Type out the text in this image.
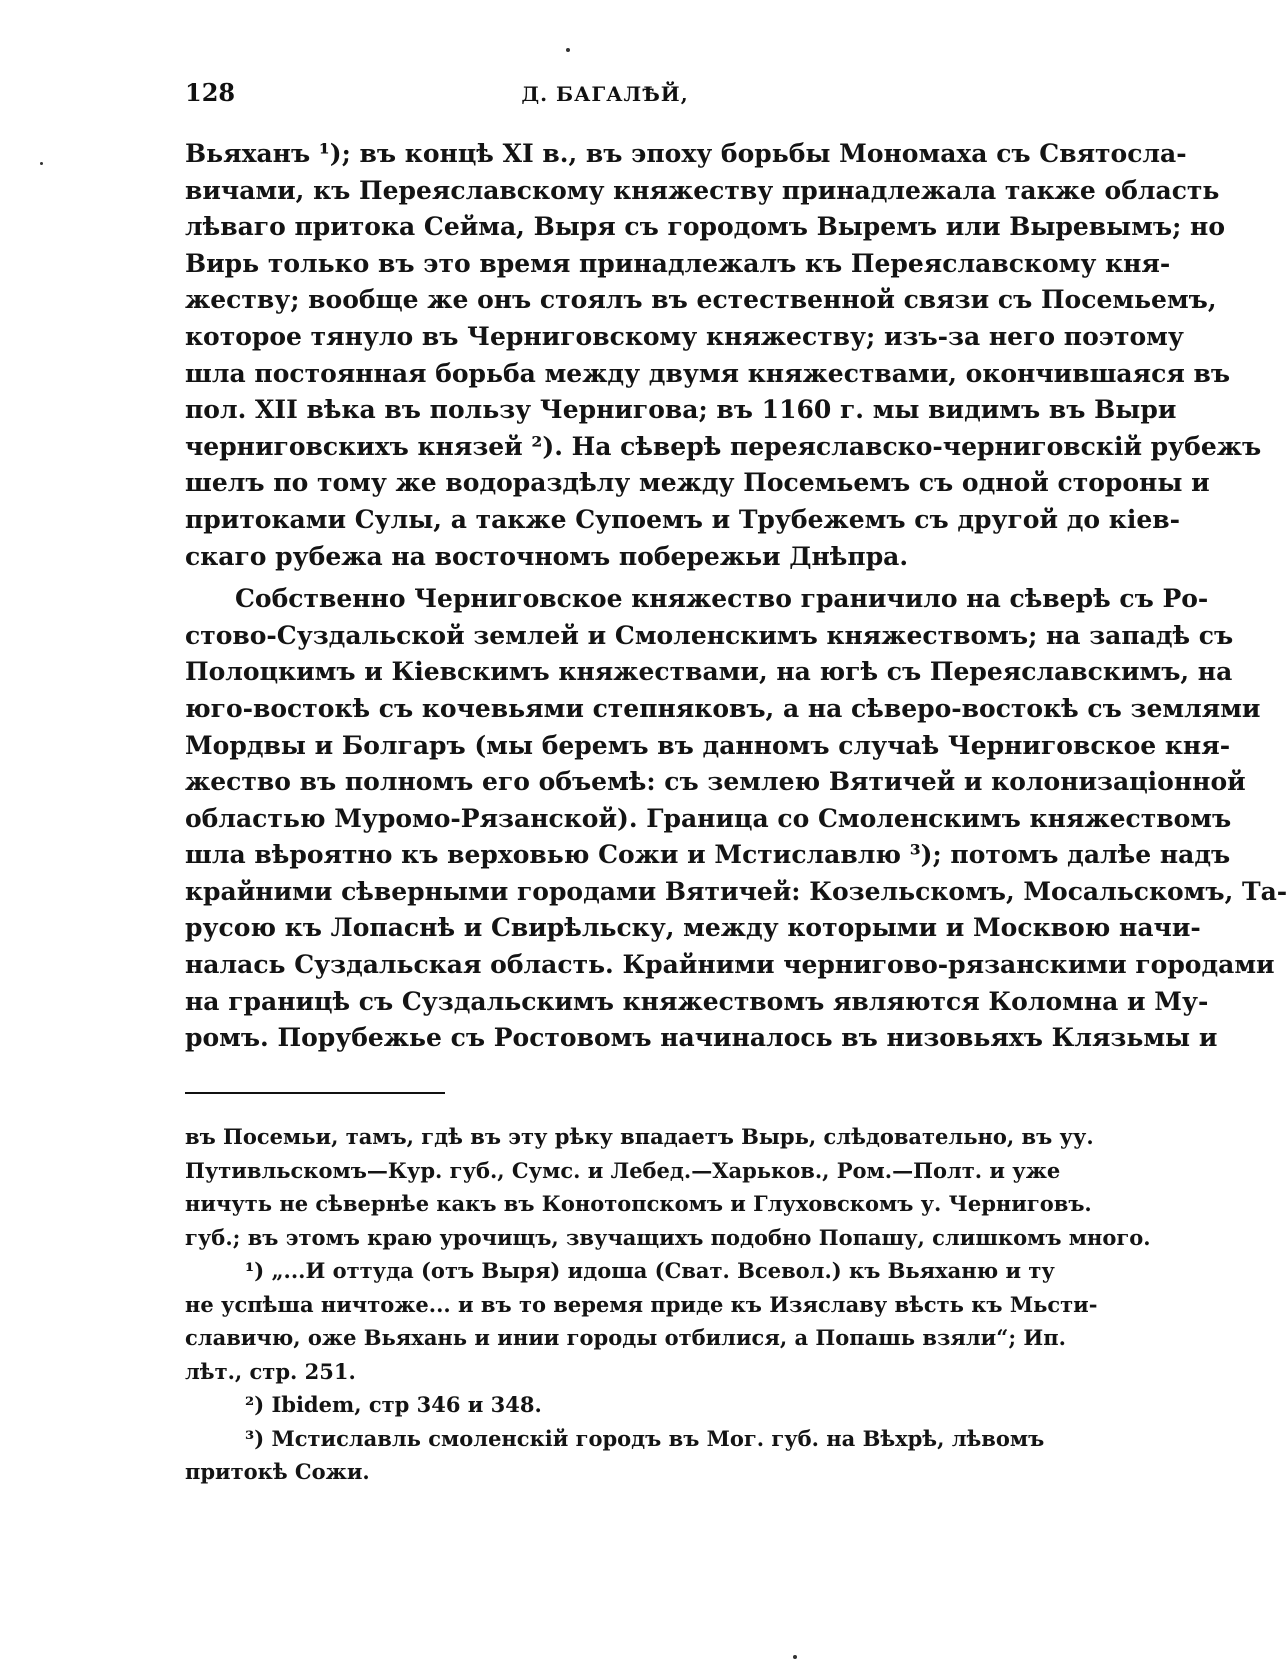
128	Д. БАГАЛѢЙ,
Вьяханъ ¹); въ концѣ XI в., въ эпоху борьбы Мономаха съ Святосла-
вичами, къ Переяславскому княжеству принадлежала также область
лѣваго притока Сейма, Выря съ городомъ Выремъ или Выревымъ; но
Вирь только въ это время принадлежалъ къ Переяславскому кня-
жеству; вообще же онъ стоялъ въ естественной связи съ Посемьемъ,
которое тянуло въ Черниговскому княжеству; изъ-за него поэтому
шла постоянная борьба между двумя княжествами, окончившаяся въ
пол. XII вѣка въ пользу Чернигова; въ 1160 г. мы видимъ въ Выри
черниговскихъ князей ²). На сѣверѣ переяславско-черниговскій рубежъ
шелъ по тому же водораздѣлу между Посемьемъ съ одной стороны и
притоками Сулы, а также Супоемъ и Трубежемъ съ другой до кіев-
скаго рубежа на восточномъ побережьи Днѣпра.
Собственно Черниговское княжество граничило на сѣверѣ съ Ро-
стово-Суздальской землей и Смоленскимъ княжествомъ; на западѣ съ
Полоцкимъ и Кіевскимъ княжествами, на югѣ съ Переяславскимъ, на
юго-востокѣ съ кочевьями степняковъ, а на сѣверо-востокѣ съ землями
Мордвы и Болгаръ (мы беремъ въ данномъ случаѣ Черниговское кня-
жество въ полномъ его объемѣ: съ землею Вятичей и колонизаціонной
областью Муромо-Рязанской). Граница со Смоленскимъ княжествомъ
шла вѣроятно къ верховью Сожи и Мстиславлю ³); потомъ далѣе надъ
крайними сѣверными городами Вятичей: Козельскомъ, Мосальскомъ, Та-
русою къ Лопаснѣ и Свирѣльску, между которыми и Москвою начи-
налась Суздальская область. Крайними черниговo-рязанскими городами
на границѣ съ Суздальскимъ княжествомъ являются Коломна и Му-
ромъ. Порубежье съ Ростовомъ начиналось въ низовьяхъ Клязьмы и
въ Посемьи, тамъ, гдѣ въ эту рѣку впадаетъ Вырь, слѣдовательно, въ уу.
Путивльскомъ—Кур. губ., Сумс. и Лебед.—Харьков., Ром.—Полт. и уже
ничуть не сѣвернѣе какъ въ Конотопскомъ и Глуховскомъ у. Черниговъ.
губ.; въ этомъ краю урочищъ, звучащихъ подобно Попашу, слишкомъ много.
¹) „...И оттуда (отъ Выря) идоша (Сват. Всевол.) къ Вьяханю и ту
не успѣша ничтоже... и въ то веремя приде къ Изяславу вѣсть къ Мьсти-
славичю, оже Вьяхань и инии городы отбилися, а Попашь взяли“; Ип.
лѣт., стр. 251.
²) Ibidem, стр 346 и 348.
³) Мстиславль смоленскій городъ въ Мог. губ. на Вѣхрѣ, лѣвомъ
притокѣ Сожи.
